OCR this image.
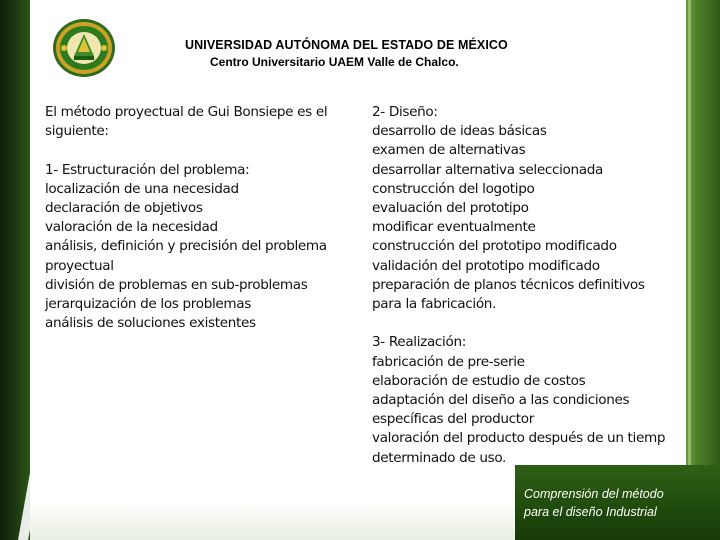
UNIVERSIDAD AUTÓNOMA DEL ESTADO DE MÉXICO
Centro Universitario UAEM Valle de Chalco.
El método proyectual de Gui Bonsiepe es el
siguiente:
1- Estructuración del problema:
localización de una necesidad
declaración de objetivos
valoración de la necesidad
análisis, definición y precisión del problema
proyectual
división de problemas en sub-problemas
jerarquización de los problemas
análisis de soluciones existentes
2- Diseño:
desarrollo de ideas básicas
examen de alternativas
desarrollar alternativa seleccionada
construcción del logotipo
evaluación del prototipo
modificar eventualmente
construcción del prototipo modificado
validación del prototipo modificado
preparación de planos técnicos definitivos
para la fabricación.
3- Realización:
fabricación de pre-serie
elaboración de estudio de costos
adaptación del diseño a las condiciones
específicas del productor
valoración del producto después de un tiemp
determinado de uso.
Comprensión del método
para el diseño Industrial
